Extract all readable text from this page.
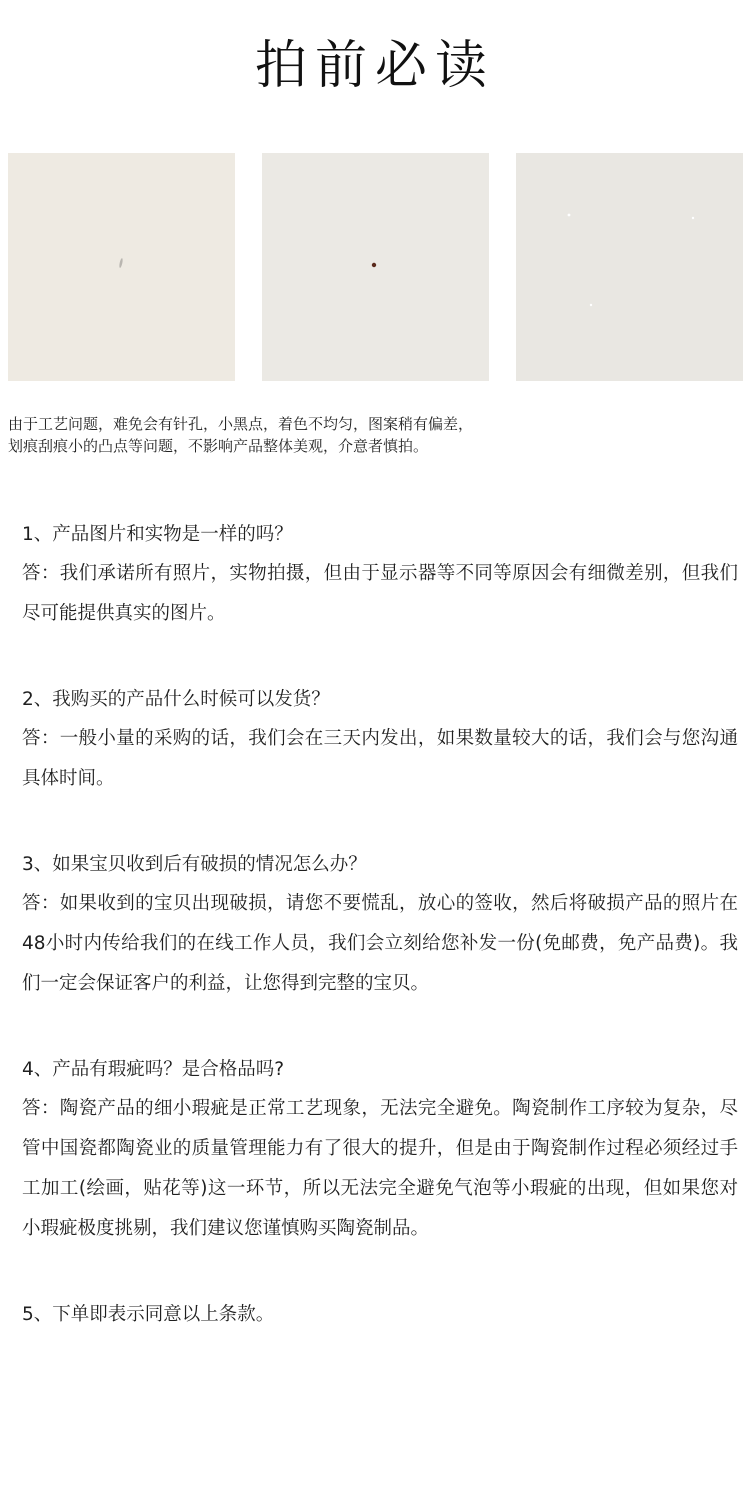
拍前必读

由于工艺问题，难免会有针孔，小黑点，着色不均匀，图案稍有偏差，

划痕刮痕小的凸点等问题，不影响产品整体美观，介意者慎拍。

1、产品图片和实物是一样的吗？

答：我们承诺所有照片，实物拍摄，但由于显示器等不同等原因会有细微差别，但我们尽可能提供真实的图片。

2、我购买的产品什么时候可以发货？

答：一般小量的采购的话，我们会在三天内发出，如果数量较大的话，我们会与您沟通具体时间。

3、如果宝贝收到后有破损的情况怎么办？

答：如果收到的宝贝出现破损，请您不要慌乱，放心的签收，然后将破损产品的照片在48小时内传给我们的在线工作人员，我们会立刻给您补发一份(免邮费，免产品费)。我们一定会保证客户的利益，让您得到完整的宝贝。

4、产品有瑕疵吗？是合格品吗?

答：陶瓷产品的细小瑕疵是正常工艺现象，无法完全避免。陶瓷制作工序较为复杂，尽管中国瓷都陶瓷业的质量管理能力有了很大的提升，但是由于陶瓷制作过程必须经过手工加工(绘画，贴花等)这一环节，所以无法完全避免气泡等小瑕疵的出现，但如果您对小瑕疵极度挑剔，我们建议您谨慎购买陶瓷制品。

5、下单即表示同意以上条款。
